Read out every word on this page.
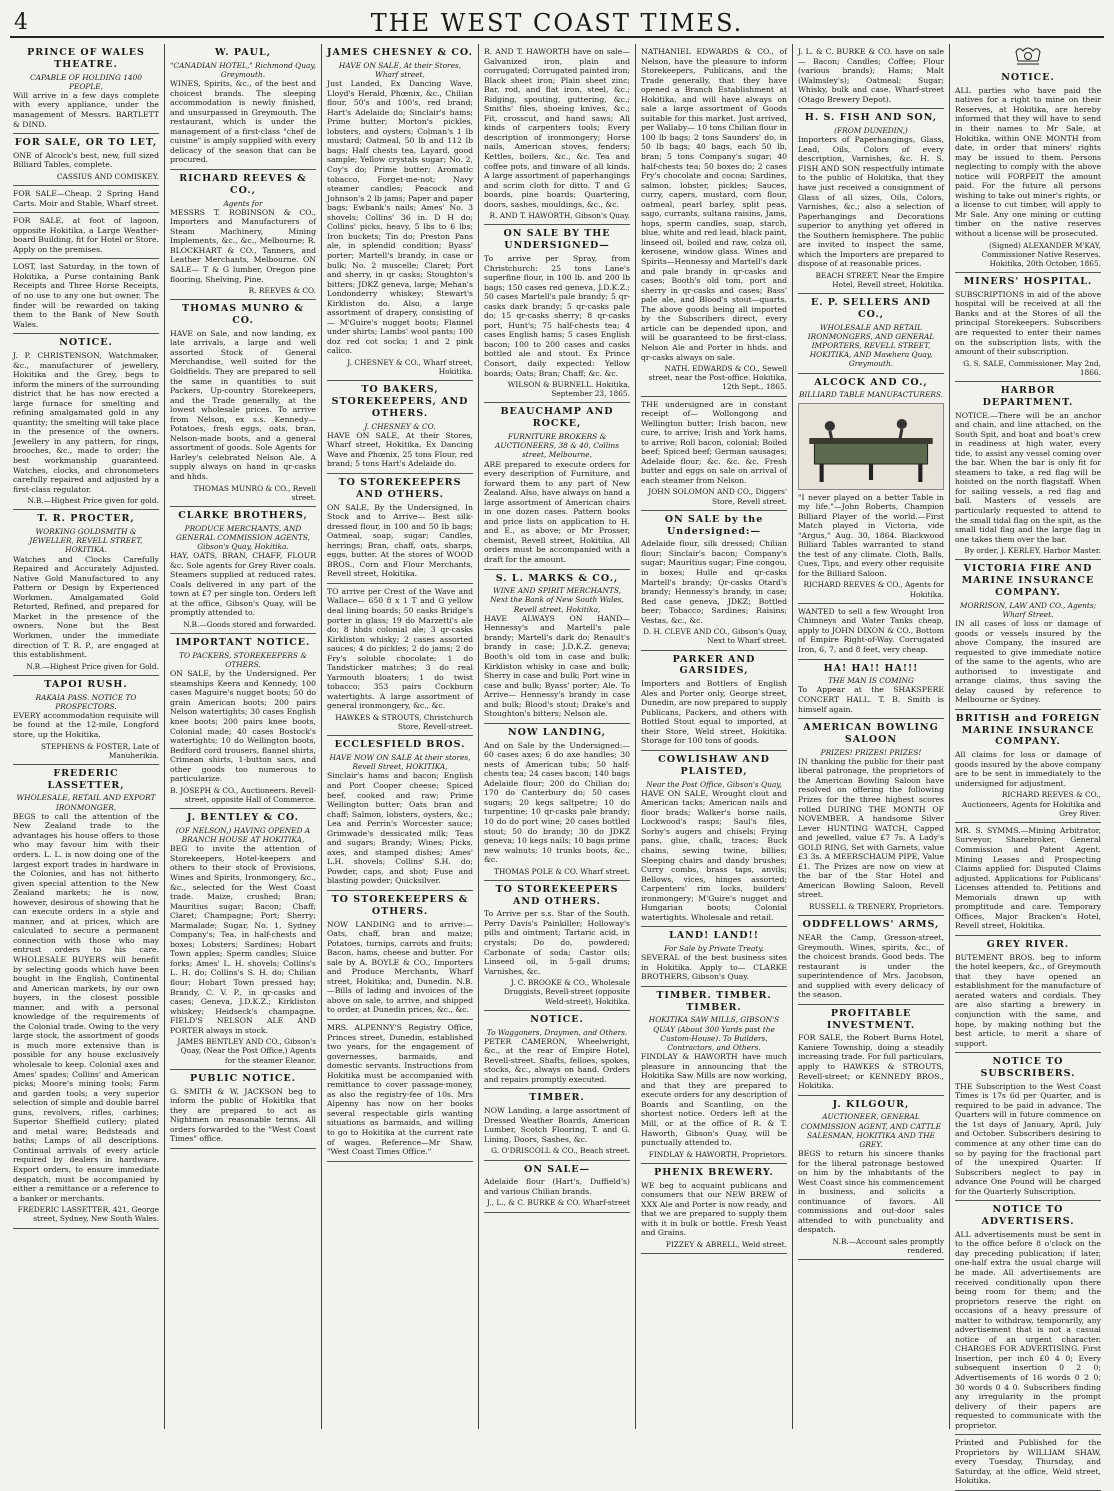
4	THE WEST COAST TIMES.
PRINCE OF WALES THEATRE.
CAPABLE OF HOLDING 1400 PEOPLE,
Will arrive in a few days complete with every appliance, under the management of Messrs. BARTLETT & DIND.
FOR SALE, OR TO LET,
ONE of Alcock's best, new, full sized Billiard Tables, complete.
CASSIUS AND COMISKEY.
FOR SALE—Cheap. 2 Spring Hand Carts. Moir and Stable, Wharf street.
FOR SALE, at foot of lagoon, opposite Hokitika, a Large Weather-board Building, fit for Hotel or Store. Apply on the premises.
LOST, last Saturday, in the town of Hokitika, a Purse containing Bank Receipts and Three Horse Receipts, of no use to any one but owner. The finder will be rewarded on taking them to the Bank of New South Wales.
NOTICE.
J. P. CHRISTENSON, Watchmaker, &c., manufacturer of jewellery, Hokitika and the Grey, begs to inform the miners of the surrounding district that he has now erected a large furnace for smelting and refining amalgamated gold in any quantity; the smelting will take place in the presence of the owners. Jewellery in any pattern, for rings, brooches, &c., made to order; the best workmanship guaranteed. Watches, clocks, and chronometers carefully repaired and adjusted by a first-class regulator.
N.B.—Highest Price given for gold.
T. R. PROCTER,
WORKING GOLDSMITH & JEWELLER, REVELL STREET, HOKITIKA.
Watches and Clocks Carefully Repaired and Accurately Adjusted. Native Gold Manufactured to any Pattern or Design by Experienced Workmen. Amalgamated Gold Retorted, Refined, and prepared for Market in the presence of the owners. None but the Best Workmen, under the immediate direction of T. R. P., are engaged at this establishment.
N.B.—Highest Price given for Gold.
TAPOI RUSH.
RAKAIA PASS. NOTICE TO PROSPECTORS.
EVERY accommodation requisite will be found at the 12-mile, Longford store, up the Hokitika.
STEPHENS & FOSTER, Late of Manuherikia.
FREDERIC LASSETTER,
WHOLESALE, RETAIL AND EXPORT IRONMONGER,
BEGS to call the attention of the New Zealand trade to the advantages his house offers to those who may favour him with their orders. L. L. is now doing one of the largest export trades in hardware in the Colonies, and has not hitherto given special attention to the New Zealand markets; he is now, however, desirous of showing that he can execute orders in a style and manner, and at prices, which are calculated to secure a permanent connection with those who may entrust orders to his care. WHOLESALE BUYERS will benefit by selecting goods which have been bought in the English, Continental and American markets, by our own buyers, in the closest possible manner, and with a personal knowledge of the requirements of the Colonial trade. Owing to the very large stock, the assortment of goods is much more extensive than is possible for any house exclusively wholesale to keep. Colonial axes and Ames' spades; Collins' and American picks; Moore's mining tools; Farm and garden tools; a very superior selection of simple and double barrel guns, revolvers, rifles, carbines; Superior Sheffield cutlery; plated and metal ware; Bedsteads and baths; Lamps of all descriptions. Continual arrivals of every article required by dealers in hardware. Export orders, to ensure immediate despatch, must be accompanied by either a remittance or a reference to a banker or merchants.
FREDERIC LASSETTER, 421, George street, Sydney, New South Wales.
W. PAUL,
"CANADIAN HOTEL," Richmond Quay, Greymouth.
WINES, Spirits, &c., of the best and choicest brands. The sleeping accommodation is newly finished, and unsurpassed in Greymouth. The restaurant, which is under the management of a first-class "chef de cuisine" is amply supplied with every delicacy of the season that can be procured.
RICHARD REEVES & CO.,
Agents for
MESSRS T. ROBINSON & CO., Importers and Manufacturers of Steam Machinery, Mining Implements, &c., &c., Melbourne; R. BLOCKHART & CO., Tanners, and Leather Merchants, Melbourne. ON SALE— T & G lumber, Oregon pine flooring, Shelving, Pine.
R. REEVES & CO.
THOMAS MUNRO & CO.
HAVE on Sale, and now landing, ex late arrivals, a large and well assorted Stock of General Merchandise, well suited for the Goldfields. They are prepared to sell the same in quantities to suit Packers, Up-country Storekeepers, and the Trade generally, at the lowest wholesale prices. To arrive from Nelson, ex s.s. Kennedy—Potatoes, fresh eggs, oats, bran, Nelson-made boots, and a general assortment of goods. Sole Agents for Harley's celebrated Nelson Ale. A supply always on hand in qr-casks and hhds.
THOMAS MUNRO & CO., Revell street.
CLARKE BROTHERS,
PRODUCE MERCHANTS, AND GENERAL COMMISSION AGENTS, Gibson's Quay, Hokitika.
HAY, OATS, BRAN, CHAFF, FLOUR &c. Sole agents for Grey River coals. Steamers supplied at reduced rates. Coals delivered in any part of the town at £7 per single ton. Orders left at the office, Gibson's Quay, will be promptly attended to.
N.B.—Goods stored and forwarded.
IMPORTANT NOTICE.
TO PACKERS, STOREKEEPERS & OTHERS.
ON SALE, by the Undersigned. Per steamships Keera and Kennedy, 100 cases Maguire's nugget boots; 50 do grain American boots; 200 pairs Nelson watertights; 30 cases English knee boots; 200 pairs knee boots, Colonial made; 40 cases Bostock's watertights; 10 do Wellington boots, Bedford cord trousers, flannel shirts, Crimean shirts, 1-button sacs, and other goods too numerous to particularize.
B. JOSEPH & CO., Auctioneers. Revell-street, opposite Hall of Commerce.
J. BENTLEY & CO.
(OF NELSON,) HAVING OPENED A BRANCH HOUSE AT HOKITIKA,
BEG to invite the attention of Storekeepers, Hotel-keepers and others to their stock of Provisions, Wines and Spirits, Ironmongery, &c., &c., selected for the West Coast trade. Maize, crushed; Bran; Mauritius sugar; Bacon; Chaff; Claret; Champagne; Port; Sherry; Marmalade; Sugar, No. 1, Sydney Company's; Tea, in half-chests and boxes; Lobsters; Sardines; Hobart Town apples; Sperm candles; Sluice forks; Ames' L. H. shovels; Collins's L. H. do; Collins's S. H. do; Chilian flour; Hobart Town pressed hay; Brandy, C. V. P., in qr-casks and cases; Geneva, J.D.K.Z.; Kirkliston whiskey; Heidseck's champagne. FIELD'S NELSON ALE AND PORTER always in stock.
JAMES BENTLEY AND CO., Gibson's Quay, (Near the Post Office,) Agents for the steamer Eleanor.
PUBLIC NOTICE.
G. SMITH & W. JACKSON beg to inform the public of Hokitika that they are prepared to act as Nightmen on reasonable terms. All orders forwarded to the "West Coast Times" office.
JAMES CHESNEY & CO.
HAVE ON SALE, At their Stores, Wharf street,
Just Landed, Ex Dancing Wave, Lloyd's Herald, Phœnix, &c., Chilian flour, 50's and 100's, red brand; Hart's Adelaide do; Sinclair's hams; Prime butter; Morton's pickles, lobsters, and oysters; Colman's 1 lb mustard; Oatmeal, 50 lb and 112 lb bags; Half chests tea, Layard, good sample; Yellow crystals sugar; No. 2, Coy's do; Prime butter; Aromatic tobacco, Forget-me-not; Navy steamer candles; Peacock and Johnson's 2 lb jams; Paper and paper bags; Ewbank's nails; Ames' No. 3 shovels; Collins' 36 in. D H do; Collins' picks, heavy, 5 lbs to 6 lbs; Iron buckets; Tin do; Preston Pans ale, in splendid condition; Byass' porter; Martell's brandy, in case or bulk; No. 2 muscelle; Claret; Port and sherry, in qr casks; Stoughton's bitters; JDKZ geneva, large; Mehan's Londonderry whiskey; Stewart's Kirkliston do. Also, a large assortment of drapery, consisting of— M'Guire's nugget boots; Flannel under shirts; Lambs' wool pants; 100 doz red cot socks; 1 and 2 pink calico.
J. CHESNEY & CO., Wharf street, Hokitika.
TO BAKERS, STOREKEEPERS, AND OTHERS.
J. CHESNEY & CO.
HAVE ON SALE, At their Stores, Wharf street, Hokitika, Ex Dancing Wave and Phœnix, 25 tons Flour, red brand; 5 tons Hart's Adelaide do.
TO STOREKEEPERS AND OTHERS.
ON SALE, By the Undersigned, In Stock and to Arrive— Best silk-dressed flour, in 100 and 50 lb bags; Oatmeal, soap, sugar; Candles, herrings; Bran, chaff, oats, sharps, eggs, butter. At the stores of WOOD BROS., Corn and Flour Merchants, Revell street, Hokitika.
TO arrive per Crest of the Wave and Wallace— 650 8 x 1 T and G yellow deal lining boards; 50 casks Bridge's porter in glass; 19 do Marzetti's ale do; 8 hhds colonial ale; 3 qr-casks Kirkliston whisky; 2 cases assorted sauces; 4 do pickles; 2 do jams; 2 do Fry's soluble chocolate; 1 do Tandsticker matches; 3 do real Yarmouth bloaters; 1 do twist tobacco; 353 pairs Cockburn watertights. A large assortment of general ironmongery, &c., &c.
HAWKES & STROUTS, Christchurch Store, Revell-street.
ECCLESFIELD BROS.
HAVE NOW ON SALE At their stores, Revell Street, HOKITIKA,
Sinclair's hams and bacon; English and Port Cooper cheese; Spiced beef, cooked and raw; Prime Wellington butter; Oats bran and chaff; Salmon, lobsters, oysters, &c.; Lea and Perrin's Worcester sauce; Grimwade's dessicated milk; Teas and sugars; Brandy; Wines; Picks, axes, and stamped dishes; Ames' L.H. shovels; Collins' S.H. do; Powder, caps, and shot; Fuse and blasting powder; Quicksilver.
TO STOREKEEPERS & OTHERS.
NOW LANDING and to arrive:— Oats, chaff, bran and maize; Potatoes, turnips, carrots and fruits; Bacon, hams, cheese and butter. For sale by A. BOYLE & CO., Importers and Produce Merchants, Wharf street, Hokitika; and, Dunedin. N.B.—Bills of lading and invoices of the above on sale, to arrive, and shipped to order, at Dunedin prices, &c., &c.
MRS. ALPENNY'S Registry Office, Princes street, Dunedin, established two years, for the engagement of governesses, barmaids, and domestic servants. Instructions from Hokitika must be accompanied with remittance to cover passage-money, as also the registry-fee of 10s. Mrs Alpenny has now on her books several respectable girls wanting situations as barmaids, and willing to go to Hokitika at the current rate of wages. Reference—Mr Shaw, "West Coast Times Office."
R. AND T. HAWORTH have on sale— Galvanized iron, plain and corrugated; Corrugated painted iron; Black sheet iron; Plain sheet zinc; Bar, rod, and flat iron, steel, &c.; Ridging, spouting, guttering, &c.; Smiths' files, shoeing knives, &c.; Fit, crosscut, and hand saws; All kinds of carpenters tools; Every description of ironmongery; Horse nails, American stoves, fenders; Kettles, boilers, &c., &c. Tea and coffee pots, and tinware of all kinds. A large assortment of paperhangings and scrim cloth for ditto. T and G boards, pine boards; Quartering, doors, sashes, mouldings, &c., &c.
R. AND T. HAWORTH, Gibson's Quay.
ON SALE BY THE UNDERSIGNED—
To arrive per Spray, from Christchurch: 25 tons Lane's superfine flour, in 100 lb. and 200 lb bags; 150 cases red geneva, J.D.K.Z.; 50 cases Martell's pale brandy; 5 qr-casks dark brandy; 5 qr-casks pale do; 15 qr-casks sherry; 8 qr-casks port, Hunt's; 75 half-chests tea; 4 cases English hams; 5 cases English bacon; 100 to 200 cases and casks bottled ale and stout. Ex Prince Consort, daily expected: Yellow boards; Oats; Bran; Chaff; &c. &c.
WILSON & BURNELL. Hokitika, September 23, 1865.
BEAUCHAMP AND ROCKE,
FURNITURE BROKERS & AUCTIONEERS, 38 & 40, Collins street, Melbourne,
ARE prepared to execute orders for every description of Furniture, and forward them to any part of New Zealand. Also, have always on hand a large assortment of American chairs in one dozen cases. Pattern books and price lists on application to H. and E., as above; or Mr Prosser, chemist, Revell street, Hokitika. All orders must be accompanied with a draft for the amount.
S. L. MARKS & CO.,
WINE AND SPIRIT MERCHANTS, Next the Bank of New South Wales, Revell street, Hokitika,
HAVE ALWAYS ON HAND— Hennessy's and Martell's pale brandy; Martell's dark do; Renault's brandy in case; J.D.K.Z. geneva; Booth's old tom in case and bulk; Kirkliston whisky in case and bulk; Sherry in case and bulk; Port wine in case and bulk; Byass' porter; Ale. To Arrive— Hennessy's brandy in case and bulk; Blood's stout; Drake's and Stoughton's bitters; Nelson ale.
NOW LANDING,
And on Sale by the Undersigned:— 60 cases axes; 6 do axe handles; 30 nests of American tubs; 50 half-chests tea; 24 cases bacon; 140 bags Adelaide flour; 200 do Chilian do; 170 do Canterbury do; 50 cases sugars; 20 kegs saltpetre; 10 do turpentine; 10 qr-casks pale brandy; 10 do do port wine; 20 cases bottled stout; 50 do brandy; 30 do JDKZ geneva; 10 kegs nails; 10 bags prime new walnuts; 10 trunks boots, &c., &c.
THOMAS POLE & CO. Wharf street.
TO STOREKEEPERS AND OTHERS.
To Arrive per s.s. Star of the South. Perry Davis's Painkiller; Holloway's pills and ointment; Tartaric acid, in crystals; Do do, powdered; Carbonate of soda; Castor oils; Linseed oil, in 5-gall drums; Varnishes, &c.
J. C. BROOKE & CO., Wholesale Druggists, Revell-street (opposite Weld-street), Hokitika.
NOTICE.
To Waggoners, Draymen, and Others.
PETER CAMERON, Wheelwright, &c., at the rear of Empire Hotel, Revell-street. Shafts, felloes, spokes, stocks, &c., always on hand. Orders and repairs promptly executed.
TIMBER.
NOW Landing, a large assortment of Dressed Weather Boards, American Lumber, Scotch Flooring, T. and G. Lining, Doors, Sashes, &c.
G. O'DRISCOLL & CO., Beach street.
ON SALE—
Adelaide flour (Hart's, Duffield's) and various Chilian brands.
J., L., & C. BURKE & CO. Wharf-street
NATHANIEL EDWARDS & CO., of Nelson, have the pleasure to inform Storekeepers, Publicans, and the Trade generally, that they have opened a Branch Establishment at Hokitika, and will have always on sale a large assortment of Goods suitable for this market. Just arrived, per Wallaby— 10 tons Chilian flour in 100 lb bags; 2 tons Saunders' do, in 50 lb bags; 40 bags, each 50 lb, bran; 5 tons Company's sugar; 40 half-chests tea; 50 boxes do; 2 cases Fry's chocolate and cocoa; Sardines, salmon, lobster, pickles; Sauces, curry, capers, mustard, corn flour, oatmeal, pearl barley, split peas, sago, currants, sultana raisins, Jams, hops, sperm candles, soap, starch, blue, white and red lead, black paint, linseed oil, boiled and raw, colza oil, kerosene, window glass. Wines and Spirits—Hennessy and Martell's dark and pale brandy in qr-casks and cases; Booth's old tom, port and sherry in qr-casks and cases; Bass' pale ale, and Blood's stout—quarts. The above goods being all imported by the Subscribers direct, every article can be depended upon, and will be guaranteed to be first-class. Nelson Ale and Porter in hhds. and qr-casks always on sale.
NATH. EDWARDS & CO., Sewell street, near the Post-office. Hokitika, 12th Sept., 1865.
THE undersigned are in constant receipt of— Wollongong and Wellington butter; Irish bacon, new cure, to arrive; Irish and York hams, to arrive; Roll bacon, colonial; Boiled beef; Spiced beef; German sausages; Adelaide flour; &c. &c. &c. Fresh butter and eggs on sale on arrival of each steamer from Nelson.
JOHN SOLOMON AND CO., Diggers' Store, Revell street.
ON SALE by the Undersigned:—
Adelaide flour, silk dressed; Chilian flour; Sinclair's bacon; Company's sugar; Mauritius sugar; Fine congou, in boxes; Hulle and qr-casks Martell's brandy; Qr-casks Otard's brandy; Hennessy's brandy, in case; Red case geneva, JDKZ; Bottled beer; Tobacco; Sardines; Raisins; Vestas, &c., &c.
D. H. CLEVE AND CO., Gibson's Quay, Next to Wharf street.
PARKER AND GARSIDES,
Importers and Bottlers of English Ales and Porter only, George street, Dunedin, are now prepared to supply Publicans, Packers, and others with Bottled Stout equal to imported, at their Store, Weld street, Hokitika. Storage for 100 tons of goods.
COWLISHAW AND PLAISTED,
Near the Post Office, Gibson's Quay,
HAVE ON SALE, Wrought clout and American tacks; American nails and floor brads; Walker's horse nails, Lockwood's rasps; Saul's files, Sorby's augers and chisels; Frying pans, glue, chalk, traces; Buck chains, sewing twine, billies; Sleeping chairs and dandy brushes; Curry combs, brass taps, anvils; Bellows, vices, hinges assorted; Carpenters' rim locks, builders' ironmongery; M'Guire's nugget and Hungarian boots; Colonial watertights. Wholesale and retail.
LAND! LAND!!
For Sale by Private Treaty.
SEVERAL of the best business sites in Hokitika. Apply to— CLARKE BROTHERS, Gibson's Quay.
TIMBER. TIMBER. TIMBER.
HOKITIKA SAW MILLS, GIBSON'S QUAY (About 300 Yards past the Custom-House). To Builders, Contractors, and Others.
FINDLAY & HAWORTH have much pleasure in announcing that the Hokitika Saw Mills are now working, and that they are prepared to execute orders for any description of Boards and Scantling, on the shortest notice. Orders left at the Mill, or at the office of R. & T. Haworth, Gibson's Quay, will be punctually attended to.
FINDLAY & HAWORTH, Proprietors.
PHENIX BREWERY.
WE beg to acquaint publicans and consumers that our NEW BREW of XXX Ale and Porter is now ready, and that we are prepared to supply them with it in bulk or bottle. Fresh Yeast and Grains.
PIZZEY & ABRELL, Weld street.
J. L. & C. BURKE & CO. have on sale— Bacon; Candles; Coffee; Flour (various brands); Hams; Malt (Walmsley's); Oatmeal; Sugar; Whisky, bulk and case. Wharf-street (Otago Brewery Depot).
H. S. FISH AND SON,
(FROM DUNEDIN,)
Importers of Paperhangings, Glass, Lead, Oils, Colors of every description, Varnishes, &c. H. S. FISH AND SON respectfully intimate to the public of Hokitika, that they have just received a consignment of Glass of all sizes, Oils, Colors, Varnishes, &c.; also a selection of Paperhangings and Decorations superior to anything yet offered in the Southern hemisphere. The public are invited to inspect the same, which the Importers are prepared to dispose of at reasonable prices.
BEACH STREET, Near the Empire Hotel, Revell street, Hokitika.
E. P. SELLERS AND CO.,
WHOLESALE AND RETAIL IRONMONGERS, AND GENERAL IMPORTERS, REVELL STREET, HOKITIKA, AND Mawhera Quay, Greymouth.
ALCOCK AND CO.,
BILLIARD TABLE MANUFACTURERS.
"I never played on a better Table in my life."—John Roberts, Champion Billiard Player of the world.—First Match played in Victoria, vide "Argus," Aug. 30, 1864. Blackwood Billiard Tables warranted to stand the test of any climate. Cloth, Balls, Cues, Tips, and every other requisite for the Billiard Saloon.
RICHARD REEVES & CO., Agents for Hokitika.
WANTED to sell a few Wrought Iron Chimneys and Water Tanks cheap, apply to JOHN DIXON & CO., Bottom of Empire Right-of-Way. Corrugated Iron, 6, 7, and 8 feet, very cheap.
HA! HA!! HA!!!
THE MAN IS COMING
To Appear at the SHAKSPERE CONCERT HALL. T. B. Smith is himself again.
AMERICAN BOWLING SALOON
PRIZES! PRIZES! PRIZES!
IN thanking the public for their past liberal patronage, the proprietors of the American Bowling Saloon have resolved on offering the following Prizes for the three highest scores rolled DURING THE MONTH OF NOVEMBER. A handsome Silver Lever HUNTING WATCH, Capped and jewelled, value £7 7s. A Lady's GOLD RING, Set with Garnets, value £3 3s. A MEERSCHAUM PIPE, Value £1. The Prizes are now on view at the bar of the Star Hotel and American Bowling Saloon, Revell street.
RUSSELL & TRENERY, Proprietors.
ODDFELLOWS' ARMS,
NEAR the Camp, Gresson-street, Greymouth. Wines, spirits, &c., of the choicest brands. Good beds. The restaurant is under the superintendence of Mrs. Jacobson, and supplied with every delicacy of the season.
PROFITABLE INVESTMENT.
FOR SALE, the Robert Burns Hotel, Kaniere Township, doing a steadily increasing trade. For full particulars, apply to HAWKES & STROUTS, Revell-street; or KENNEDY BROS., Hokitika.
J. KILGOUR,
AUCTIONEER, GENERAL COMMISSION AGENT, AND CATTLE SALESMAN, HOKITIKA AND THE GREY.
BEGS to return his sincere thanks for the liberal patronage bestowed on him by the inhabitants of the West Coast since his commencement in business, and solicits a continuance of favors. All commissions and out-door sales attended to with punctuality and despatch.
N.B.—Account sales promptly rendered.
NOTICE.
ALL parties who have paid the natives for a right to mine on their Reserves, at Hokitika, are hereby informed that they will have to send in their names to Mr Sale, at Hokitika, within ONE MONTH from date, in order that miners' rights may be issued to them. Persons neglecting to comply with the above notice will FORFEIT the amount paid. For the future all persons wishing to take out miner's rights, or a license to cut timber, will apply to Mr Sale. Any one mining or cutting timber on the native reserves without a license will be prosecuted.
(Signed) ALEXANDER M'KAY, Commissioner Native Reserves. Hokitika, 20th October, 1865.
MINERS' HOSPITAL.
SUBSCRIPTIONS in aid of the above hospital will be received at all the Banks and at the Stores of all the principal Storekeepers. Subscribers are requested to enter their names on the subscription lists, with the amount of their subscription.
G. S. SALE, Commissioner. May 2nd, 1866.
HARBOR DEPARTMENT.
NOTICE.—There will be an anchor and chain, and line attached, on the South Spit, and boat and boat's crew in readiness at high water, every tide, to assist any vessel coming over the bar. When the bar is only fit for steamers to take, a red flag will be hoisted on the north flagstaff. When for sailing vessels, a red flag and ball. Masters of vessels are particularly requested to attend to the small tidal flag on the spit, as the small tidal flag and the large flag in one takes them over the bar.
By order, J. KERLEY, Harbor Master.
VICTORIA FIRE AND MARINE INSURANCE COMPANY.
MORRISON, LAW AND CO., Agents; Wharf Street.
IN all cases of loss or damage of goods or vessels insured by the above Company, the insured are requested to give immediate notice of the same to the agents, who are authorised to investigate and arrange claims, thus saving the delay caused by reference to Melbourne or Sydney.
BRITISH and FOREIGN MARINE INSURANCE COMPANY.
All claims for loss or damage of goods insured by the above company are to be sent in immediately to the undersigned for adjustment.
RICHARD REEVES & CO., Auctioneers, Agents for Hokitika and Grey River.
MR. S. SYMMS.—Mining Arbitrator, Surveyor, Sharebroker, General Commission and Patent Agent. Mining Leases and Prospecting Claims applied for. Disputed Claims adjusted. Applications for Publicans' Licenses attended to. Petitions and Memorials drawn up with promptitude and care. Temporary Offices, Major Bracken's Hotel, Revell street, Hokitika.
GREY RIVER.
BUTEMENT BROS. beg to inform the hotel keepers, &c., of Greymouth that they have opened an establishment for the manufacture of aerated waters and cordials. They are also starting a brewery in conjunction with the same, and hope, by making nothing but the best article, to merit a share of support.
NOTICE TO SUBSCRIBERS.
THE Subscription to the West Coast Times is 17s 6d per Quarter, and is required to be paid in advance. The Quarters will in future commence on the 1st days of January, April, July and October. Subscribers desiring to commence at any other time can do so by paying for the fractional part of the unexpired Quarter. If Subscribers neglect to pay in advance One Pound will be charged for the Quarterly Subscription.
NOTICE TO ADVERTISERS.
ALL advertisements must be sent in to the office before 8 o'clock on the day preceding publication; if later, one-half extra the usual charge will be made. All advertisements are received conditionally upon there being room for them; and the proprietors reserve the right on occasions of a heavy pressure of matter to withdraw, temporarily, any advertisement that is not a casual notice of an urgent character. CHARGES FOR ADVERTISING. First Insertion, per inch £0 4 0; Every subsequent insertion 0 2 0; Advertisements of 16 words 0 2 0; 30 words 0 4 0. Subscribers finding any irregularity in the prompt delivery of their papers are requested to communicate with the proprietor.
Printed and Published for the Proprietors by WILLIAM SHAW, every Tuesday, Thursday, and Saturday, at the office, Weld street, Hokitika.
